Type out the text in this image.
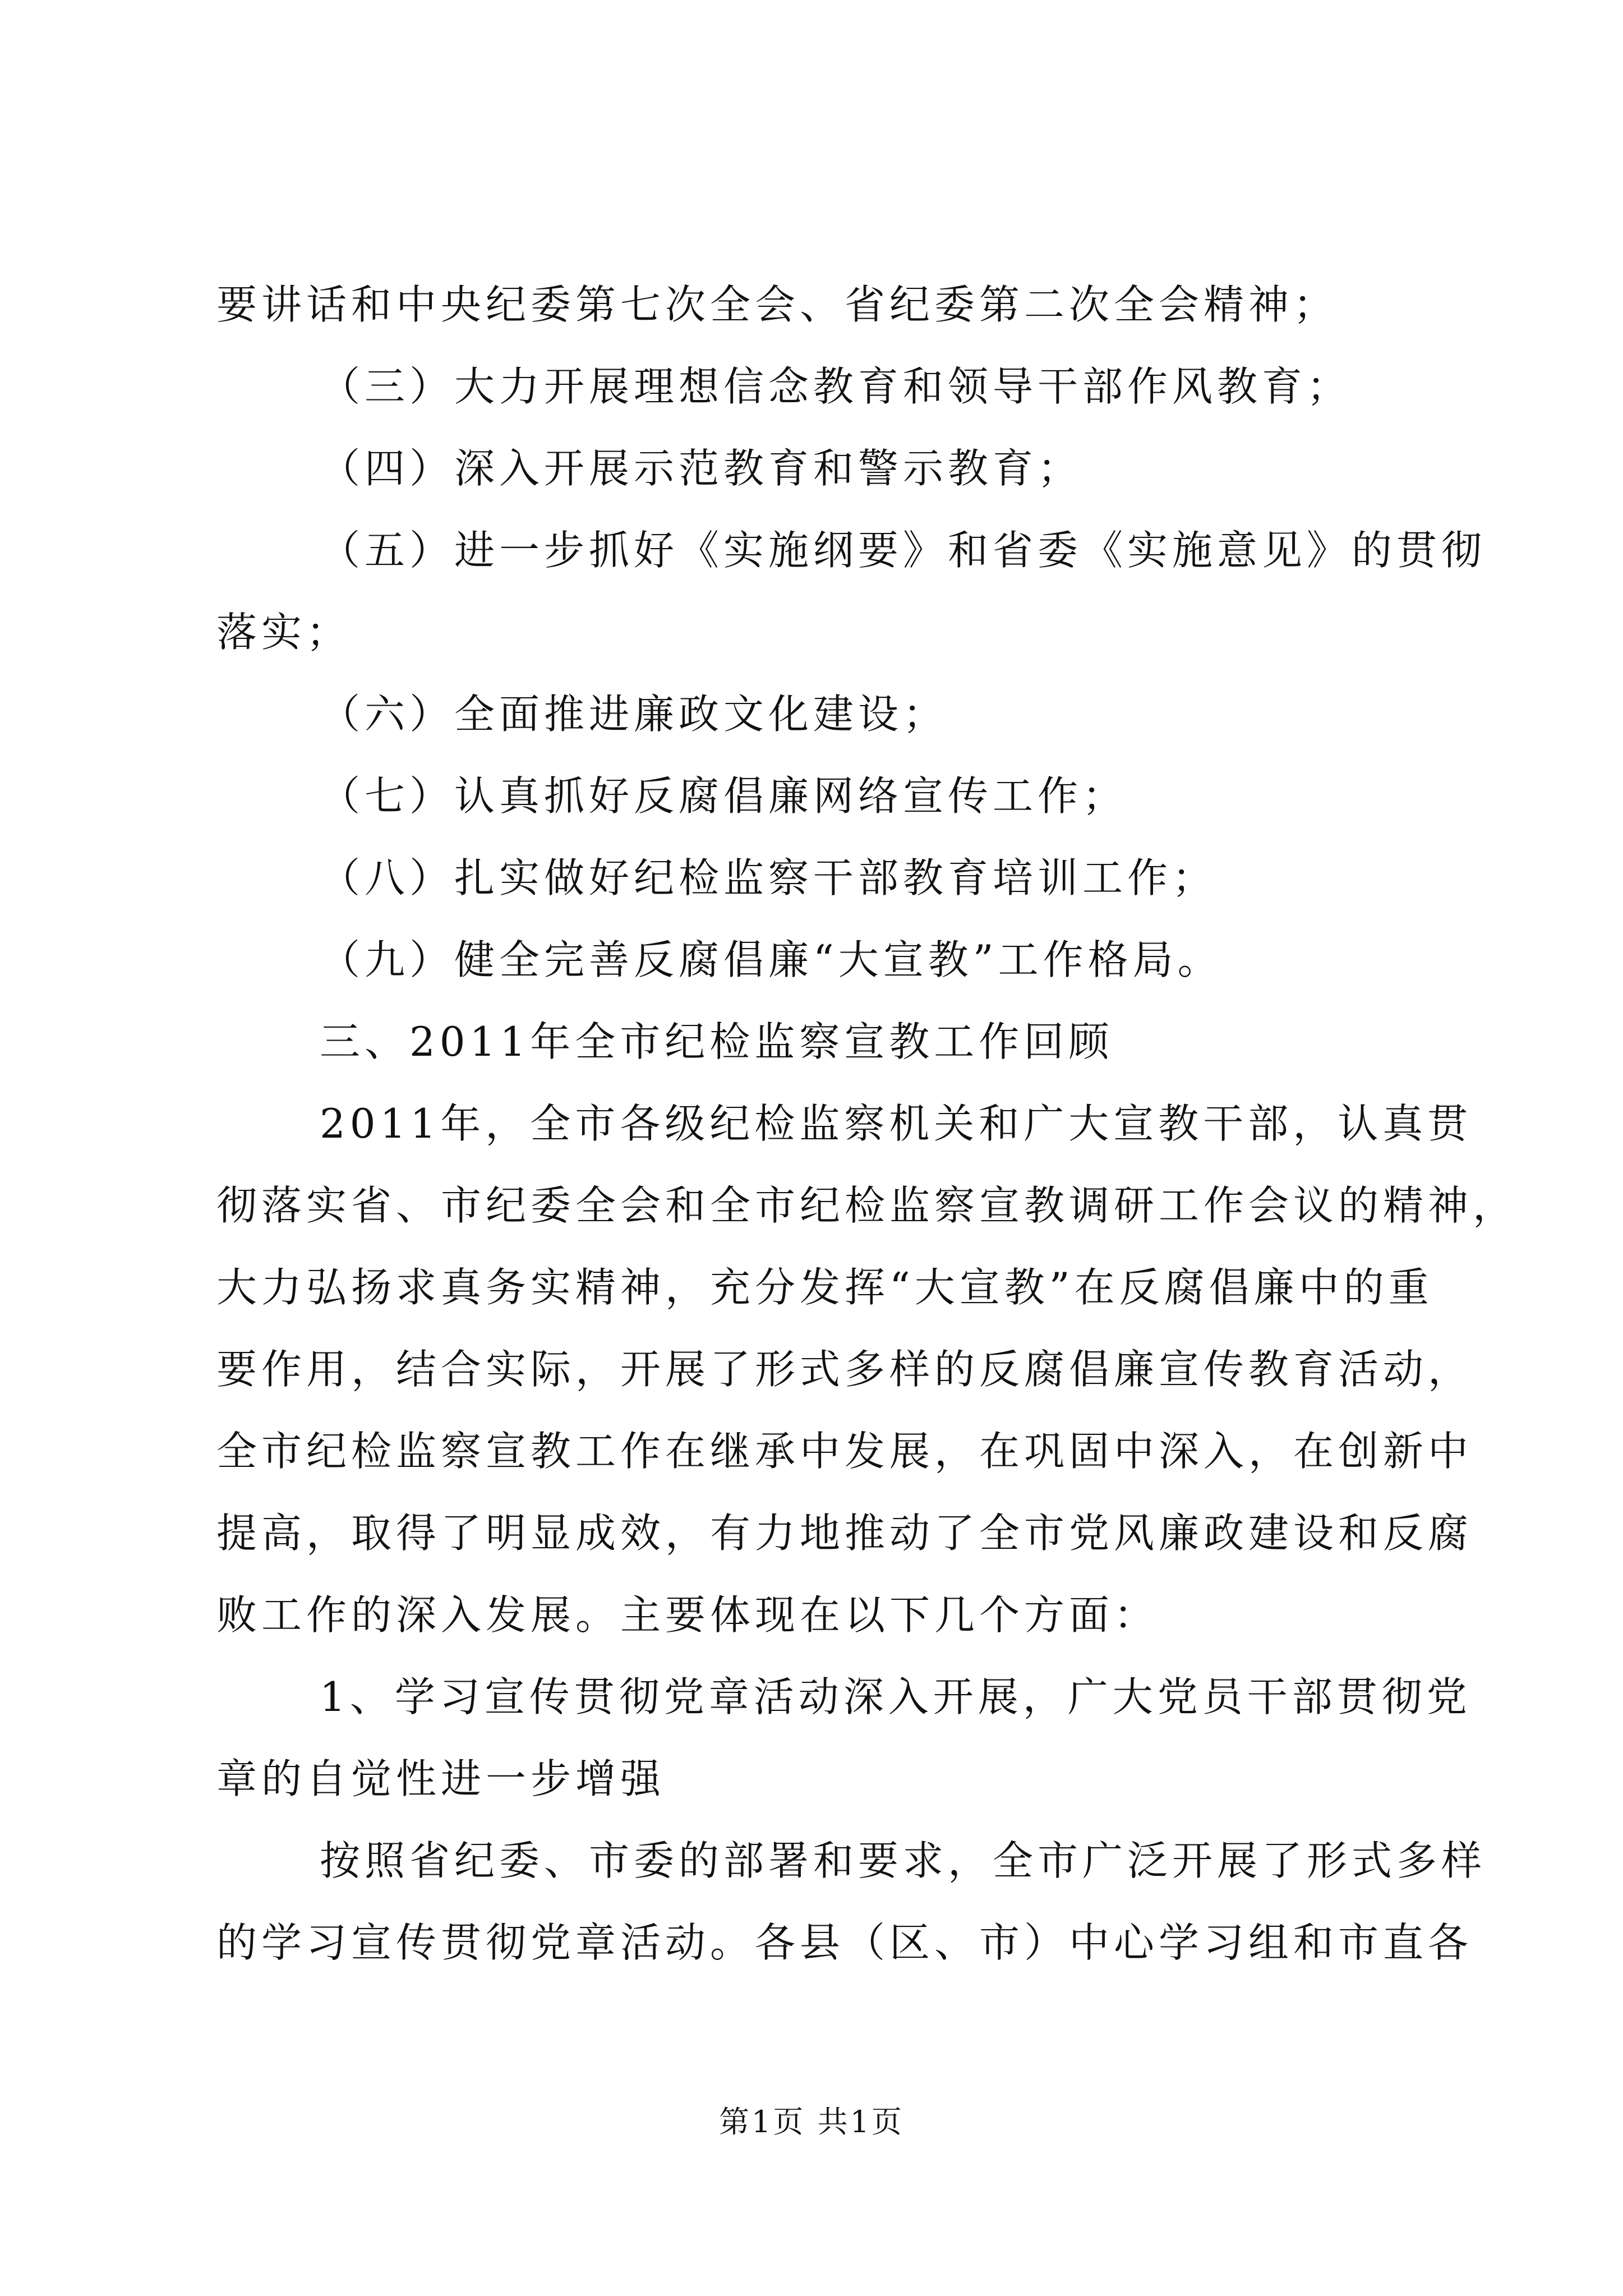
要讲话和中央纪委第七次全会、省纪委第二次全会精神；
（三）大力开展理想信念教育和领导干部作风教育；
（四）深入开展示范教育和警示教育；
（五）进一步抓好《实施纲要》和省委《实施意见》的贯彻
落实；
（六）全面推进廉政文化建设；
（七）认真抓好反腐倡廉网络宣传工作；
（八）扎实做好纪检监察干部教育培训工作；
（九）健全完善反腐倡廉“大宣教”工作格局。
三、2011年全市纪检监察宣教工作回顾
2011年，全市各级纪检监察机关和广大宣教干部，认真贯
彻落实省、市纪委全会和全市纪检监察宣教调研工作会议的精神，
大力弘扬求真务实精神，充分发挥“大宣教”在反腐倡廉中的重
要作用，结合实际，开展了形式多样的反腐倡廉宣传教育活动，
全市纪检监察宣教工作在继承中发展，在巩固中深入，在创新中
提高，取得了明显成效，有力地推动了全市党风廉政建设和反腐
败工作的深入发展。主要体现在以下几个方面：
1、学习宣传贯彻党章活动深入开展，广大党员干部贯彻党
章的自觉性进一步增强
按照省纪委、市委的部署和要求，全市广泛开展了形式多样
的学习宣传贯彻党章活动。各县（区、市）中心学习组和市直各
第1页 共1页
